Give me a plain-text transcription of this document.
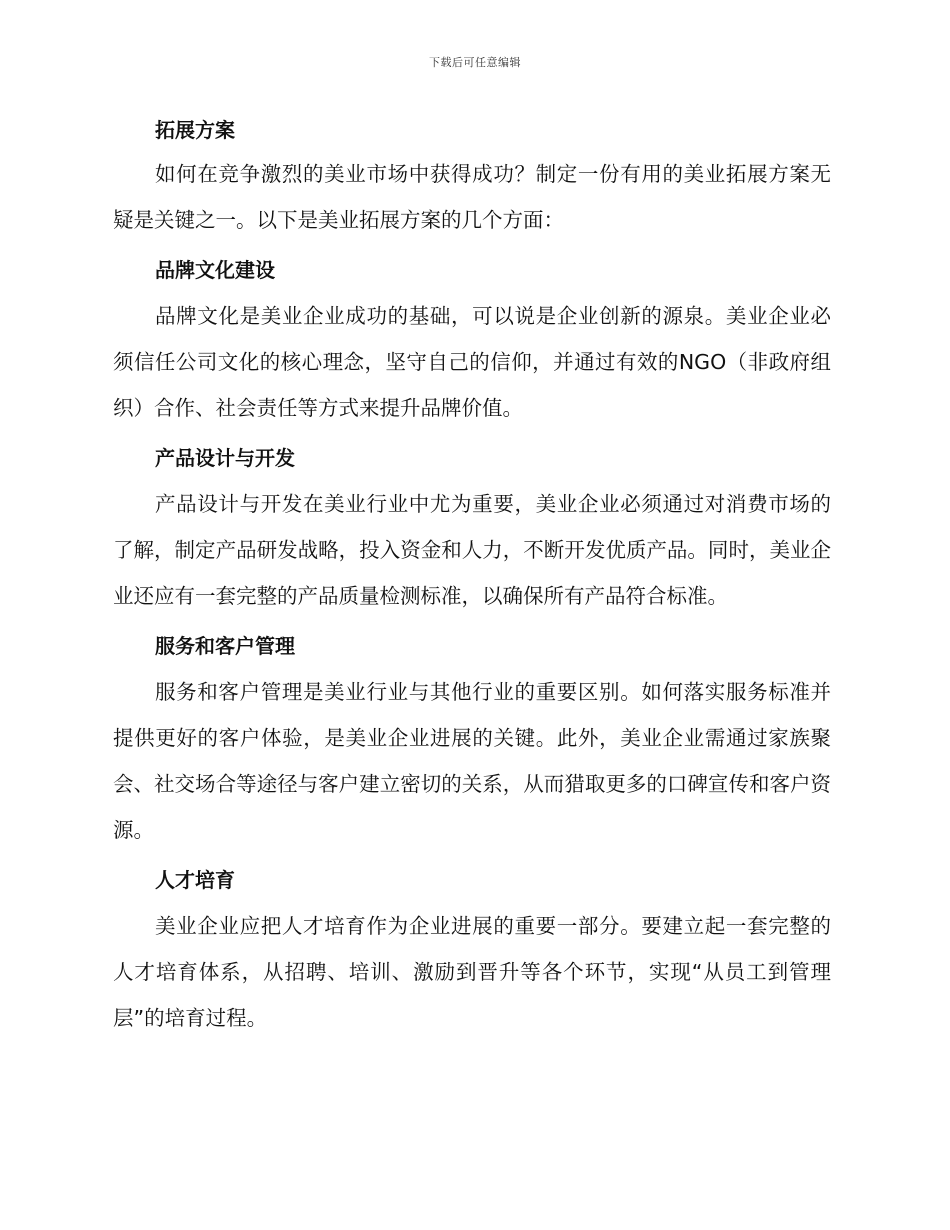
下载后可任意编辑
拓展方案

如何在竞争激烈的美业市场中获得成功？制定一份有用的美业拓展方案无疑是关键之一。以下是美业拓展方案的几个方面：

品牌文化建设

品牌文化是美业企业成功的基础，可以说是企业创新的源泉。美业企业必须信任公司文化的核心理念，坚守自己的信仰，并通过有效的NGO（非政府组织）合作、社会责任等方式来提升品牌价值。

产品设计与开发

产品设计与开发在美业行业中尤为重要，美业企业必须通过对消费市场的了解，制定产品研发战略，投入资金和人力，不断开发优质产品。同时，美业企业还应有一套完整的产品质量检测标准，以确保所有产品符合标准。

服务和客户管理

服务和客户管理是美业行业与其他行业的重要区别。如何落实服务标准并提供更好的客户体验，是美业企业进展的关键。此外，美业企业需通过家族聚会、社交场合等途径与客户建立密切的关系，从而猎取更多的口碑宣传和客户资源。

人才培育

美业企业应把人才培育作为企业进展的重要一部分。要建立起一套完整的人才培育体系，从招聘、培训、激励到晋升等各个环节，实现“从员工到管理层”的培育过程。
